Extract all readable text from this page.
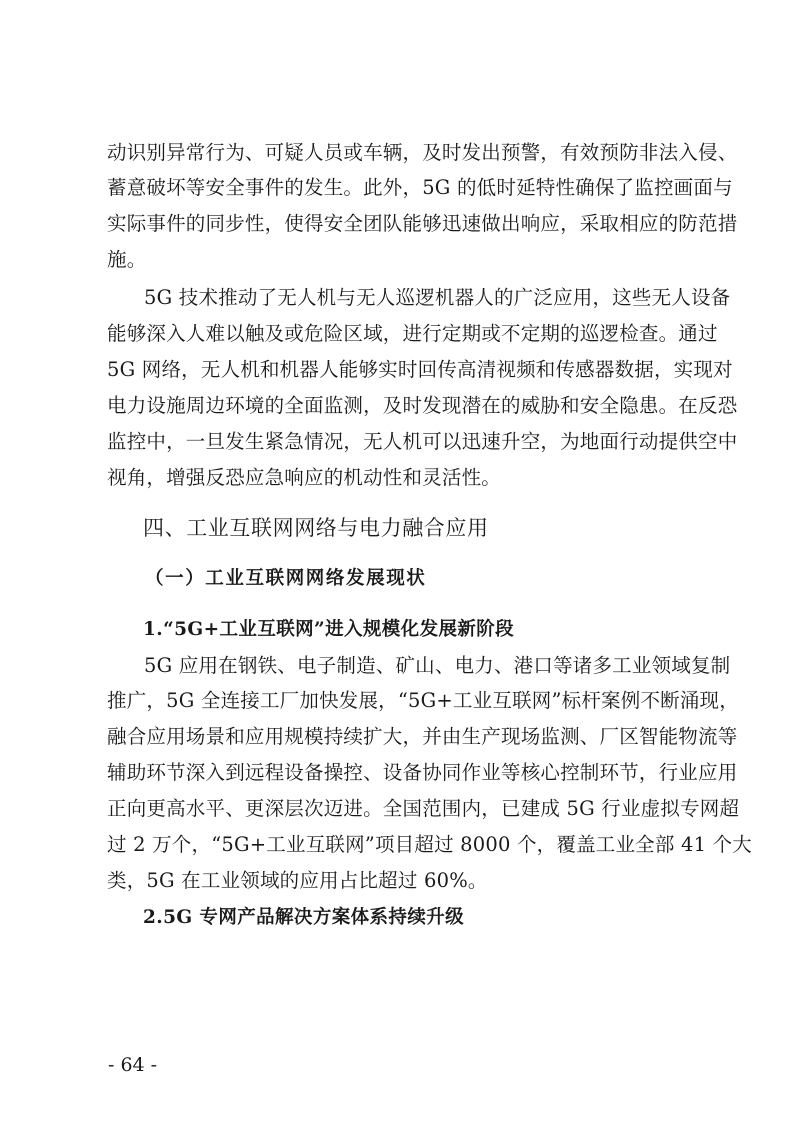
动识别异常行为、可疑人员或车辆，及时发出预警，有效预防非法入侵、
蓄意破坏等安全事件的发生。此外，5G 的低时延特性确保了监控画面与
实际事件的同步性，使得安全团队能够迅速做出响应，采取相应的防范措
施。
5G 技术推动了无人机与无人巡逻机器人的广泛应用，这些无人设备
能够深入人难以触及或危险区域，进行定期或不定期的巡逻检查。通过
5G 网络，无人机和机器人能够实时回传高清视频和传感器数据，实现对
电力设施周边环境的全面监测，及时发现潜在的威胁和安全隐患。在反恐
监控中，一旦发生紧急情况，无人机可以迅速升空，为地面行动提供空中
视角，增强反恐应急响应的机动性和灵活性。
四、工业互联网网络与电力融合应用
（一）工业互联网网络发展现状
1.“5G+工业互联网”进入规模化发展新阶段
5G 应用在钢铁、电子制造、矿山、电力、港口等诸多工业领域复制
推广，5G 全连接工厂加快发展，“5G+工业互联网”标杆案例不断涌现，
融合应用场景和应用规模持续扩大，并由生产现场监测、厂区智能物流等
辅助环节深入到远程设备操控、设备协同作业等核心控制环节，行业应用
正向更高水平、更深层次迈进。全国范围内，已建成 5G 行业虚拟专网超
过 2 万个，“5G+工业互联网”项目超过 8000 个，覆盖工业全部 41 个大
类，5G 在工业领域的应用占比超过 60%。
2.5G 专网产品解决方案体系持续升级
- 64 -
